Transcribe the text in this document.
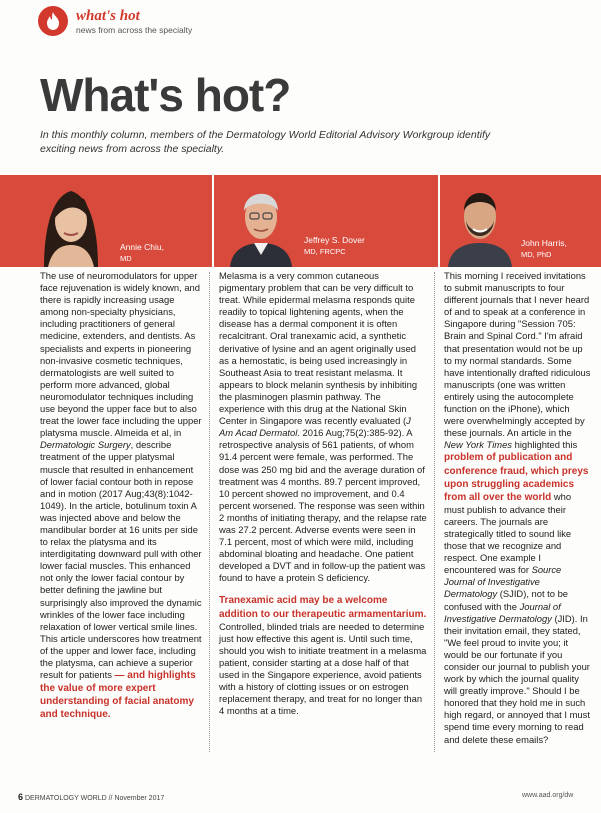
what's hot
news from across the specialty
What's hot?
In this monthly column, members of the Dermatology World Editorial Advisory Workgroup identify exciting news from across the specialty.
Annie Chiu,
MD
Jeffrey S. Dover
MD, FRCPC
John Harris,
MD, PhD

The use of neuromodulators for upper face rejuvenation is widely known, and there is rapidly increasing usage among non-specialty physicians, including practitioners of general medicine, extenders, and dentists. As specialists and experts in pioneering non-invasive cosmetic techniques, dermatologists are well suited to perform more advanced, global neuromodulator techniques including use beyond the upper face but to also treat the lower face including the upper platysma muscle. Almeida et al, in Dermatologic Surgery, describe treatment of the upper platysmal muscle that resulted in enhancement of lower facial contour both in repose and in motion (2017 Aug;43(8):1042-1049). In the article, botulinum toxin A was injected above and below the mandibular border at 16 units per side to relax the platysma and its interdigitating downward pull with other lower facial muscles. This enhanced not only the lower facial contour by better defining the jawline but surprisingly also improved the dynamic wrinkles of the lower face including relaxation of lower vertical smile lines. This article underscores how treatment of the upper and lower face, including the platysma, can achieve a superior result for patients — and highlights the value of more expert understanding of facial anatomy and technique.

Melasma is a very common cutaneous pigmentary problem that can be very difficult to treat. While epidermal melasma responds quite readily to topical lightening agents, when the disease has a dermal component it is often recalcitrant. Oral tranexamic acid, a synthetic derivative of lysine and an agent originally used as a hemostatic, is being used increasingly in Southeast Asia to treat resistant melasma. It appears to block melanin synthesis by inhibiting the plasminogen plasmin pathway. The experience with this drug at the National Skin Center in Singapore was recently evaluated (J Am Acad Dermatol. 2016 Aug;75(2):385-92). A retrospective analysis of 561 patients, of whom 91.4 percent were female, was performed. The dose was 250 mg bid and the average duration of treatment was 4 months. 89.7 percent improved, 10 percent showed no improvement, and 0.4 percent worsened. The response was seen within 2 months of initiating therapy, and the relapse rate was 27.2 percent. Adverse events were seen in 7.1 percent, most of which were mild, including abdominal bloating and headache. One patient developed a DVT and in follow-up the patient was found to have a protein S deficiency.

Tranexamic acid may be a welcome addition to our therapeutic armamentarium. Controlled, blinded trials are needed to determine just how effective this agent is. Until such time, should you wish to initiate treatment in a melasma patient, consider starting at a dose half of that used in the Singapore experience, avoid patients with a history of clotting issues or on estrogen replacement therapy, and treat for no longer than 4 months at a time.

This morning I received invitations to submit manuscripts to four different journals that I never heard of and to speak at a conference in Singapore during "Session 705: Brain and Spinal Cord." I'm afraid that presentation would not be up to my normal standards. Some have intentionally drafted ridiculous manuscripts (one was written entirely using the autocomplete function on the iPhone), which were overwhelmingly accepted by these journals. An article in the New York Times highlighted this problem of publication and conference fraud, which preys upon struggling academics from all over the world who must publish to advance their careers. The journals are strategically titled to sound like those that we recognize and respect. One example I encountered was for Source Journal of Investigative Dermatology (SJID), not to be confused with the Journal of Investigative Dermatology (JID). In their invitation email, they stated, "We feel proud to invite you; it would be our fortunate if you consider our journal to publish your work by which the journal quality will greatly improve." Should I be honored that they hold me in such high regard, or annoyed that I must spend time every morning to read and delete these emails?

6 DERMATOLOGY WORLD // November 2017	www.aad.org/dw
